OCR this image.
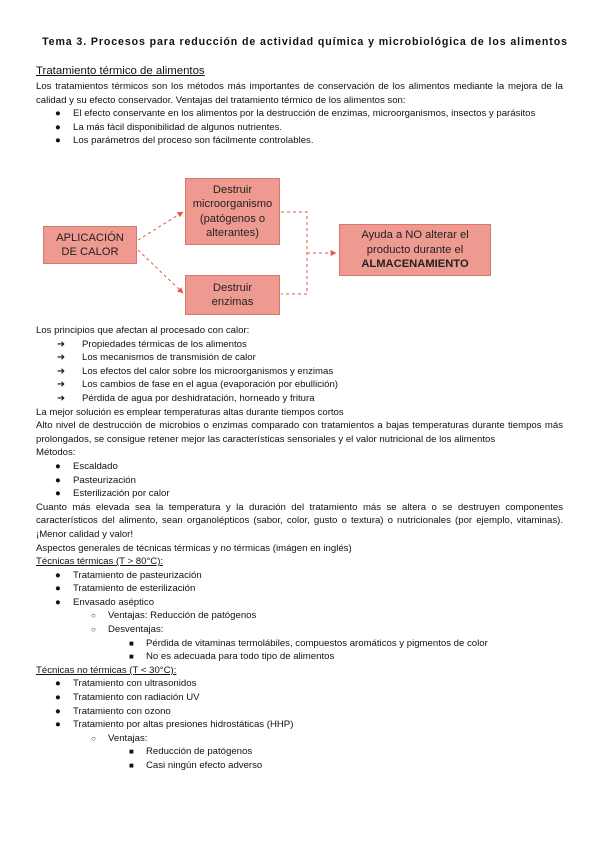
Tema 3. Procesos para reducción de actividad química y microbiológica de los alimentos
Tratamiento térmico de alimentos

Los tratamientos térmicos son los métodos más importantes de conservación de los alimentos mediante la mejora de la calidad y su efecto conservador. Ventajas del tratamiento térmico de los alimentos son:

● El efecto conservante en los alimentos por la destrucción de enzimas, microorganismos, insectos y parásitos
● La más fácil disponibilidad de algunos nutrientes.
● Los parámetros del proceso son fácilmente controlables.
APLICACIÓN DE CALOR
Destruir microorganismo (patógenos o alterantes)
Destruir enzimas
Ayuda a NO alterar el producto durante el ALMACENAMIENTO

Los principios que afectan al procesado con calor:

➔ Propiedades térmicas de los alimentos
➔ Los mecanismos de transmisión de calor
➔ Los efectos del calor sobre los microorganismos y enzimas
➔ Los cambios de fase en el agua (evaporación por ebullición)
➔ Pérdida de agua por deshidratación, horneado y fritura

La mejor solución es emplear temperaturas altas durante tiempos cortos

Alto nivel de destrucción de microbios o enzimas comparado con tratamientos a bajas temperaturas durante tiempos más prolongados, se consigue retener mejor las características sensoriales y el valor nutricional de los alimentos

Métodos:

● Escaldado
● Pasteurización
● Esterilización por calor

Cuanto más elevada sea la temperatura y la duración del tratamiento más se altera o se destruyen componentes característicos del alimento, sean organolépticos (sabor, color, gusto o textura) o nutricionales (por ejemplo, vitaminas). ¡Menor calidad y valor!

Aspectos generales de técnicas térmicas y no térmicas (imágen en inglés)

Técnicas térmicas (T > 80°C):

● Tratamiento de pasteurización
● Tratamiento de esterilización
● Envasado aséptico
○ Ventajas: Reducción de patógenos
○ Desventajas:
■ Pérdida de vitaminas termolábiles, compuestos aromáticos y pigmentos de color
■ No es adecuada para todo tipo de alimentos

Técnicas no térmicas (T < 30°C):

● Tratamiento con ultrasonidos
● Tratamiento con radiación UV
● Tratamiento con ozono
● Tratamiento por altas presiones hidrostáticas (HHP)
○ Ventajas:
■ Reducción de patógenos
■ Casi ningún efecto adverso
